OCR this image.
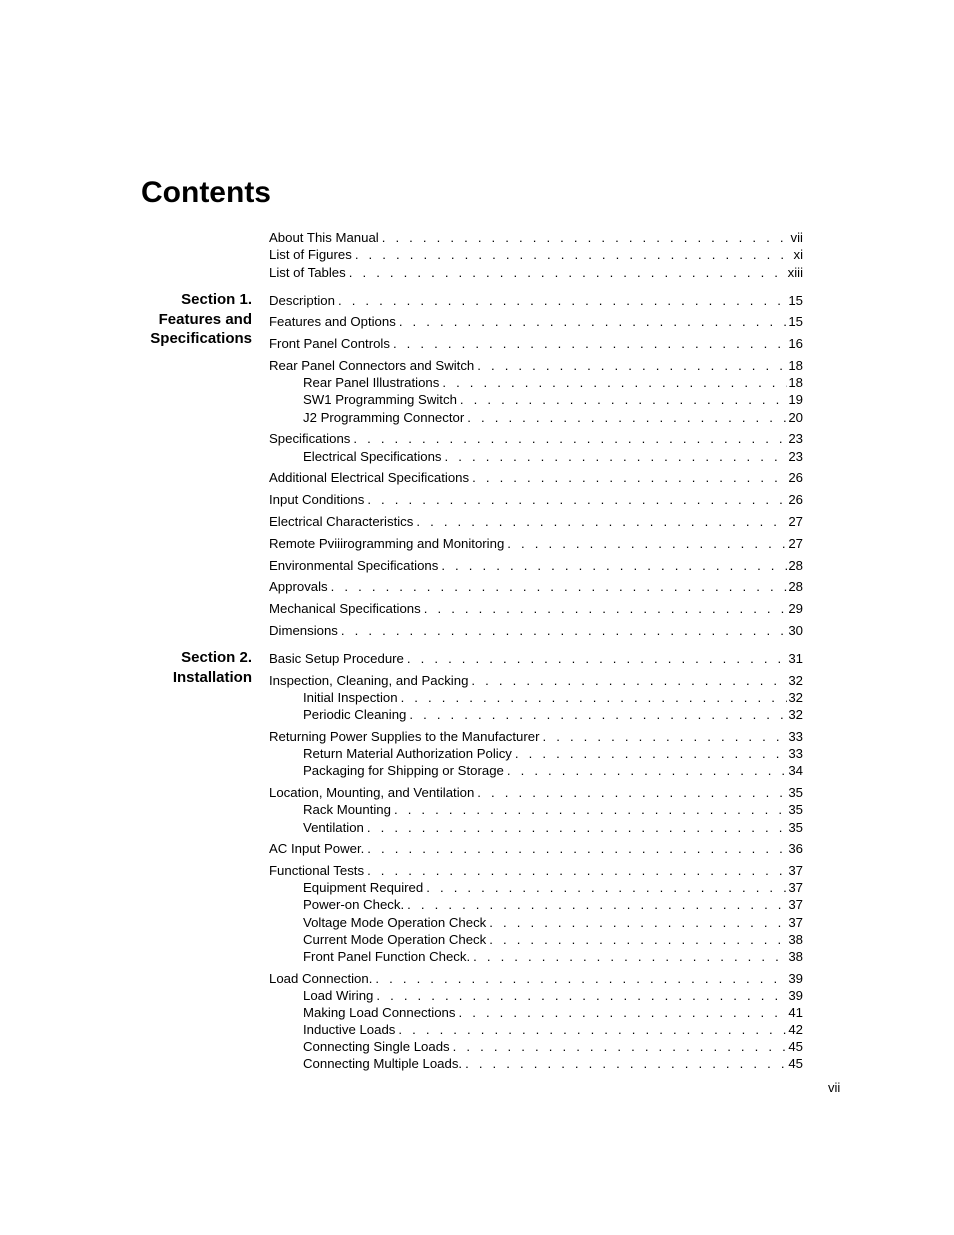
Contents
About This Manual . . .	vii
List of Figures . . .	xi
List of Tables . . .	xiii
Section 1.
Features and
Specifications
Description . . .	15
Features and Options . . .	15
Front Panel Controls . . .	16
Rear Panel Connectors and Switch . . .	18
Rear Panel Illustrations . . .	18
SW1 Programming Switch . . .	19
J2 Programming Connector . . .	20
Specifications . . .	23
Electrical Specifications . . .	23
Additional Electrical Specifications . . .	26
Input Conditions . . .	26
Electrical Characteristics . . .	27
Remote Pviiirogramming and Monitoring . . .	27
Environmental Specifications . . .	28
Approvals . . .	28
Mechanical Specifications . . .	29
Dimensions . . .	30
Section 2.
Installation
Basic Setup Procedure . . .	31
Inspection, Cleaning, and Packing . . .	32
Initial Inspection . . .	32
Periodic Cleaning . . .	32
Returning Power Supplies to the Manufacturer . . .	33
Return Material Authorization Policy . . .	33
Packaging for Shipping or Storage . . .	34
Location, Mounting, and Ventilation . . .	35
Rack Mounting . . .	35
Ventilation . . .	35
AC Input Power. . . .	36
Functional Tests . . .	37
Equipment Required . . .	37
Power-on Check. . . .	37
Voltage Mode Operation Check . . .	37
Current Mode Operation Check . . .	38
Front Panel Function Check. . . .	38
Load Connection. . . .	39
Load Wiring . . .	39
Making Load Connections . . .	41
Inductive Loads . . .	42
Connecting Single Loads . . .	45
Connecting Multiple Loads. . . .	45
vii
